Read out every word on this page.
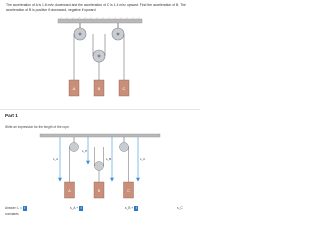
The acceleration of A is 1.8 m/s² downward and the acceleration of C is 1.4 m/s² upward. Find the acceleration of B. The acceleration of B is positive if downward, negative if upward.
A	B	C
Part 1
Write an expression for the length of the rope.
A	B	C
s_A
s_P
s_B	s_C
Answer: L = i	s_A + i	s_B + i	s_C
constants
